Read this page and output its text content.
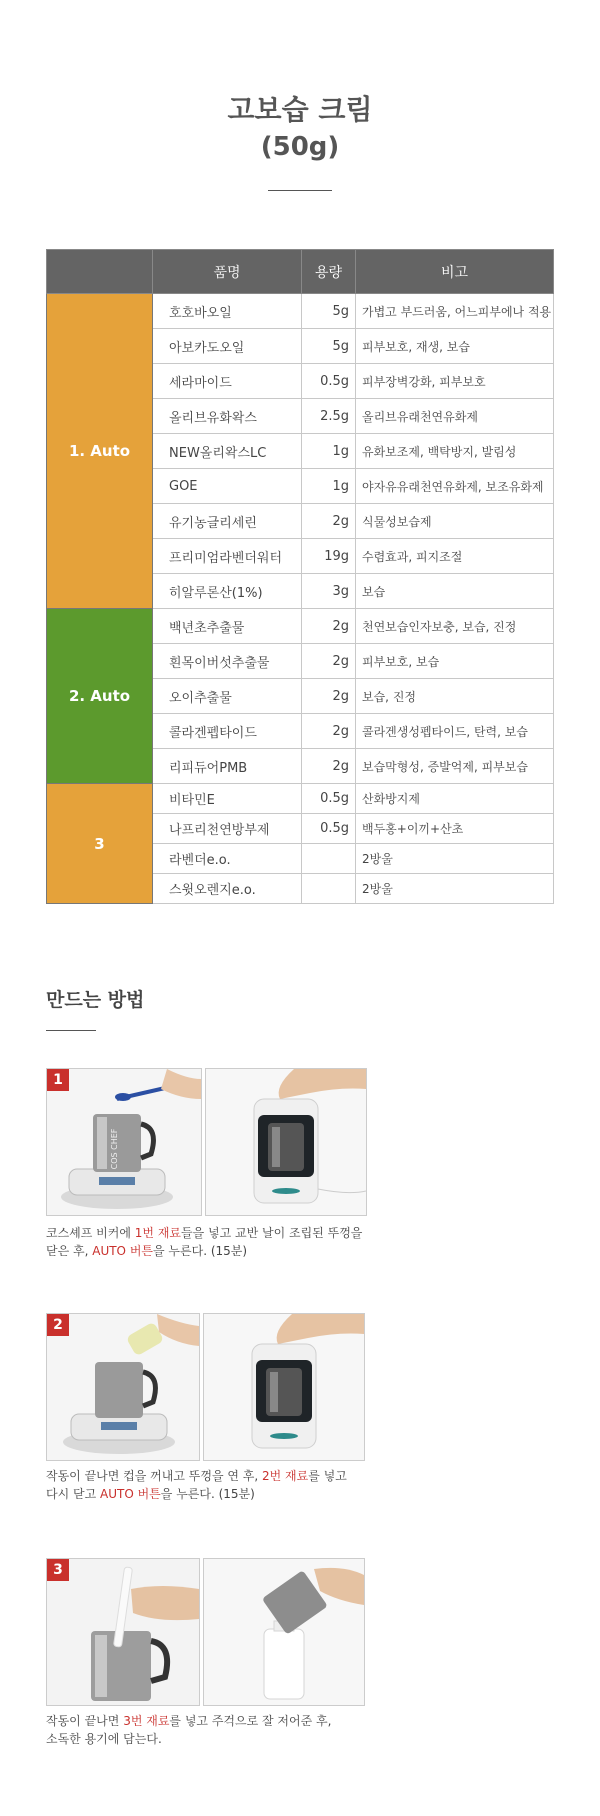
고보습 크림
(50g)
	품명	용량	비고
1. Auto	호호바오일	5g	가볍고 부드러움, 어느피부에나 적용
	아보카도오일	5g	피부보호, 재생, 보습
	세라마이드	0.5g	피부장벽강화, 피부보호
	올리브유화왁스	2.5g	올리브유래천연유화제
	NEW올리왁스LC	1g	유화보조제, 백탁방지, 발림성
	GOE	1g	야자유유래천연유화제, 보조유화제
	유기농글리세린	2g	식물성보습제
	프리미엄라벤더워터	19g	수렴효과, 피지조절
	히알루론산(1%)	3g	보습
2. Auto	백년초추출물	2g	천연보습인자보충, 보습, 진정
	흰목이버섯추출물	2g	피부보호, 보습
	오이추출물	2g	보습, 진정
	콜라겐펩타이드	2g	콜라겐생성펩타이드, 탄력, 보습
	리피듀어PMB	2g	보습막형성, 증발억제, 피부보습
3	비타민E	0.5g	산화방지제
	나프리천연방부제	0.5g	백두홍+이끼+산초
	라벤더e.o.		2방울
	스윗오렌지e.o.		2방울
만드는 방법
COS CHEF
1
코스셰프 비커에 1번 재료들을 넣고 교반 날이 조립된 뚜껑을
닫은 후, AUTO 버튼을 누른다. (15분)
2
작동이 끝나면 컵을 꺼내고 뚜껑을 연 후, 2번 재료를 넣고
다시 닫고 AUTO 버튼을 누른다. (15분)
3
작동이 끝나면 3번 재료를 넣고 주걱으로 잘 저어준 후,
소독한 용기에 담는다.
